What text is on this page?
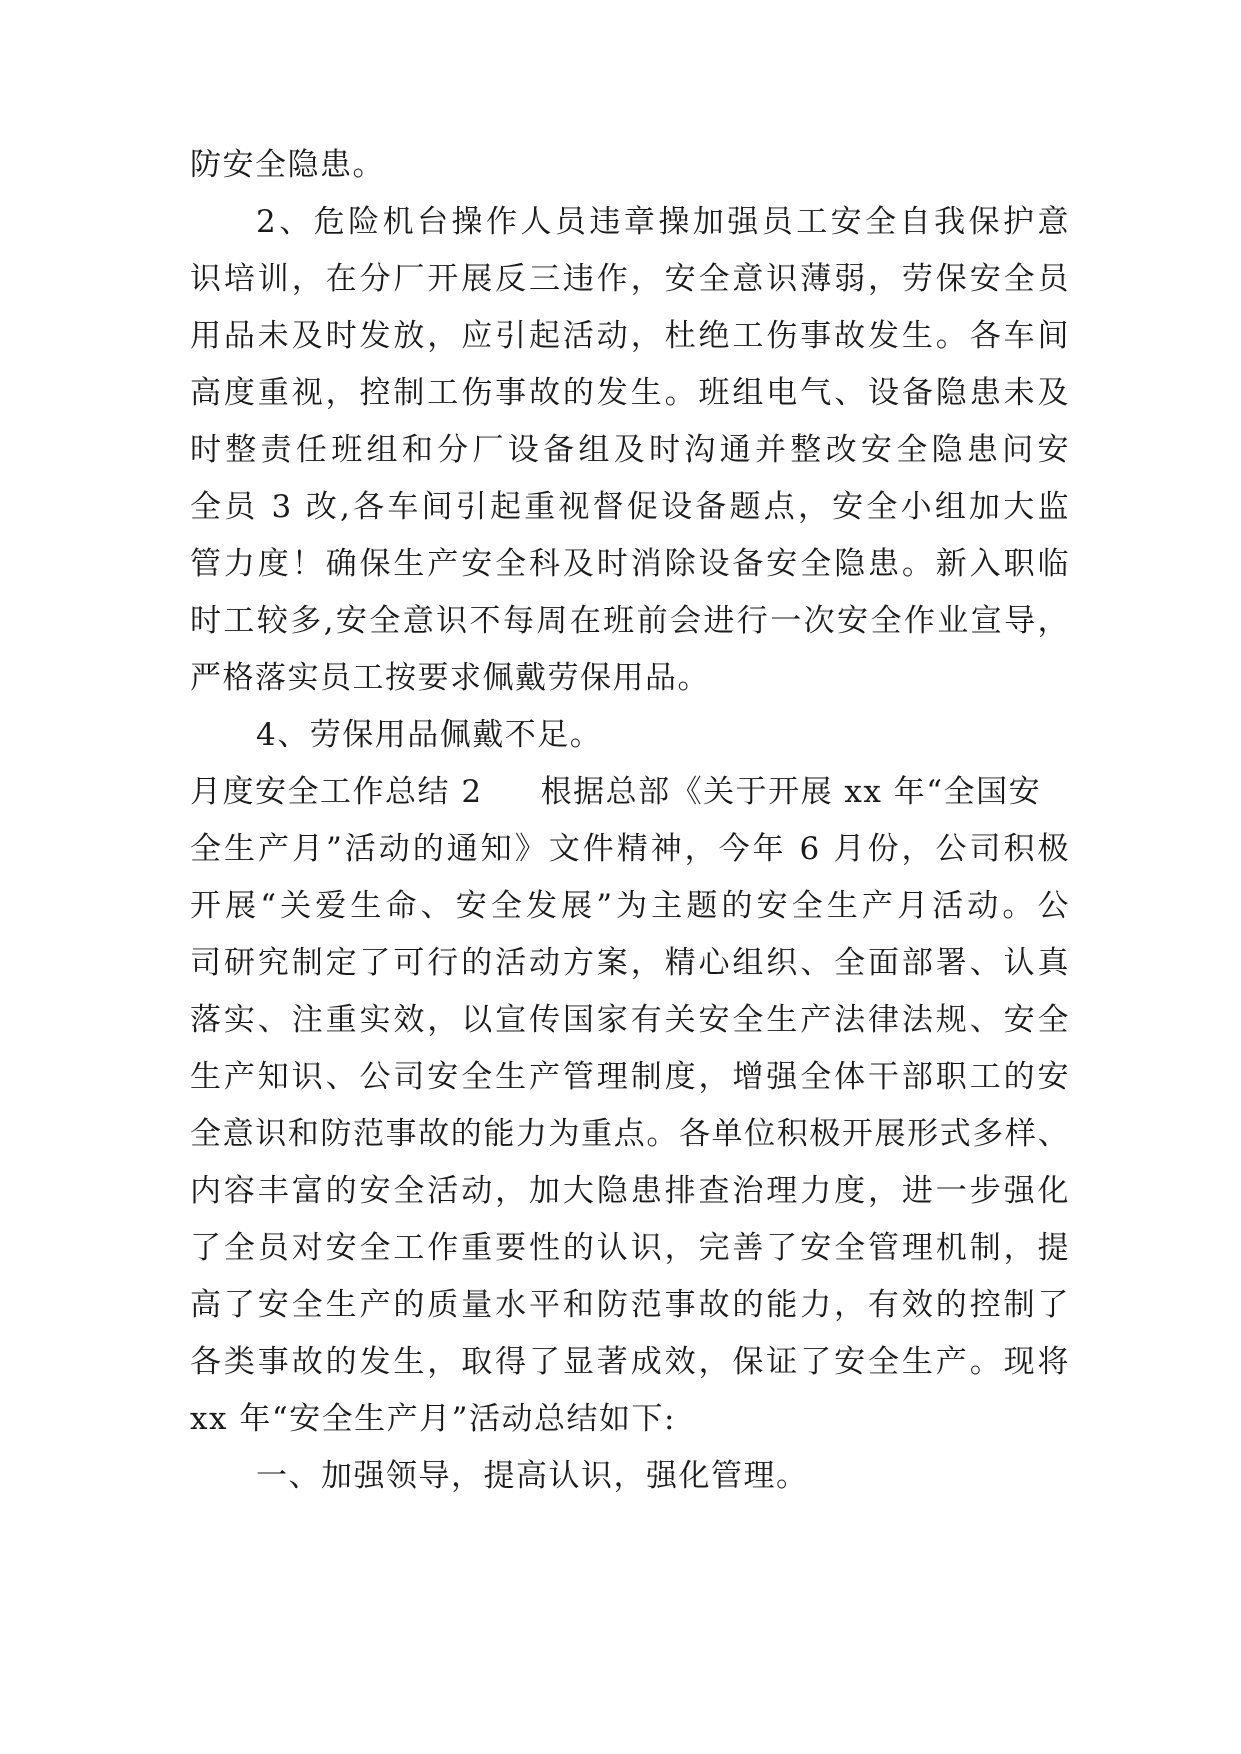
防安全隐患。
2、危险机台操作人员违章操加强员工安全自我保护意
识培训，在分厂开展反三违作，安全意识薄弱，劳保安全员
用品未及时发放，应引起活动，杜绝工伤事故发生。各车间
高度重视，控制工伤事故的发生。班组电气、设备隐患未及
时整责任班组和分厂设备组及时沟通并整改安全隐患问安
全员 3 改,各车间引起重视督促设备题点，安全小组加大监
管力度！确保生产安全科及时消除设备安全隐患。新入职临
时工较多,安全意识不每周在班前会进行一次安全作业宣导，
严格落实员工按要求佩戴劳保用品。
4、劳保用品佩戴不足。
月度安全工作总结 2 根据总部《关于开展 xx 年“全国安
全生产月”活动的通知》文件精神，今年 6 月份，公司积极
开展“关爱生命、安全发展”为主题的安全生产月活动。公
司研究制定了可行的活动方案，精心组织、全面部署、认真
落实、注重实效，以宣传国家有关安全生产法律法规、安全
生产知识、公司安全生产管理制度，增强全体干部职工的安
全意识和防范事故的能力为重点。各单位积极开展形式多样、
内容丰富的安全活动，加大隐患排查治理力度，进一步强化
了全员对安全工作重要性的认识，完善了安全管理机制，提
高了安全生产的质量水平和防范事故的能力，有效的控制了
各类事故的发生，取得了显著成效，保证了安全生产。现将
xx 年“安全生产月”活动总结如下:
一、加强领导，提高认识，强化管理。
